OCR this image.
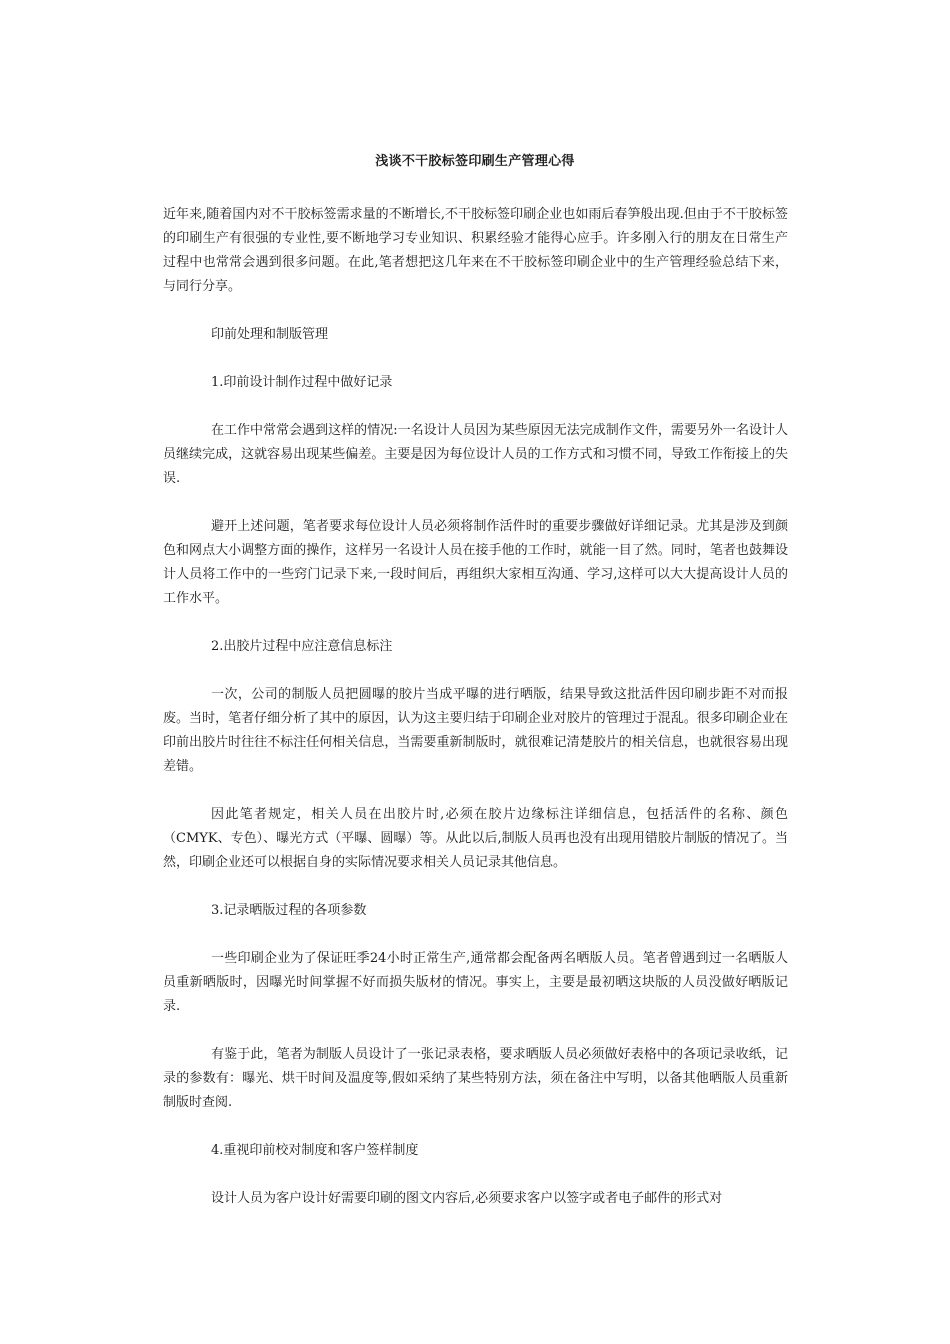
浅谈不干胶标签印刷生产管理心得

近年来,随着国内对不干胶标签需求量的不断增长,不干胶标签印刷企业也如雨后春笋般出现.但由于不干胶标签的印刷生产有很强的专业性,要不断地学习专业知识、积累经验才能得心应手。许多刚入行的朋友在日常生产过程中也常常会遇到很多问题。在此,笔者想把这几年来在不干胶标签印刷企业中的生产管理经验总结下来，与同行分享。

印前处理和制版管理

1.印前设计制作过程中做好记录

在工作中常常会遇到这样的情况:一名设计人员因为某些原因无法完成制作文件，需要另外一名设计人员继续完成，这就容易出现某些偏差。主要是因为每位设计人员的工作方式和习惯不同，导致工作衔接上的失误.

避开上述问题，笔者要求每位设计人员必须将制作活件时的重要步骤做好详细记录。尤其是涉及到颜色和网点大小调整方面的操作，这样另一名设计人员在接手他的工作时，就能一目了然。同时，笔者也鼓舞设计人员将工作中的一些窍门记录下来,一段时间后，再组织大家相互沟通、学习,这样可以大大提高设计人员的工作水平。

2.出胶片过程中应注意信息标注

一次，公司的制版人员把圆曝的胶片当成平曝的进行晒版，结果导致这批活件因印刷步距不对而报废。当时，笔者仔细分析了其中的原因，认为这主要归结于印刷企业对胶片的管理过于混乱。很多印刷企业在印前出胶片时往往不标注任何相关信息，当需要重新制版时，就很难记清楚胶片的相关信息，也就很容易出现差错。

因此笔者规定，相关人员在出胶片时,必须在胶片边缘标注详细信息，包括活件的名称、颜色（CMYK、专色）、曝光方式（平曝、圆曝）等。从此以后,制版人员再也没有出现用错胶片制版的情况了。当然，印刷企业还可以根据自身的实际情况要求相关人员记录其他信息。

3.记录晒版过程的各项参数

一些印刷企业为了保证旺季24小时正常生产,通常都会配备两名晒版人员。笔者曾遇到过一名晒版人员重新晒版时，因曝光时间掌握不好而损失版材的情况。事实上，主要是最初晒这块版的人员没做好晒版记录.

有鉴于此，笔者为制版人员设计了一张记录表格，要求晒版人员必须做好表格中的各项记录收纸，记录的参数有：曝光、烘干时间及温度等,假如采纳了某些特别方法，须在备注中写明，以备其他晒版人员重新制版时查阅.

4.重视印前校对制度和客户签样制度

设计人员为客户设计好需要印刷的图文内容后,必须要求客户以签字或者电子邮件的形式对
